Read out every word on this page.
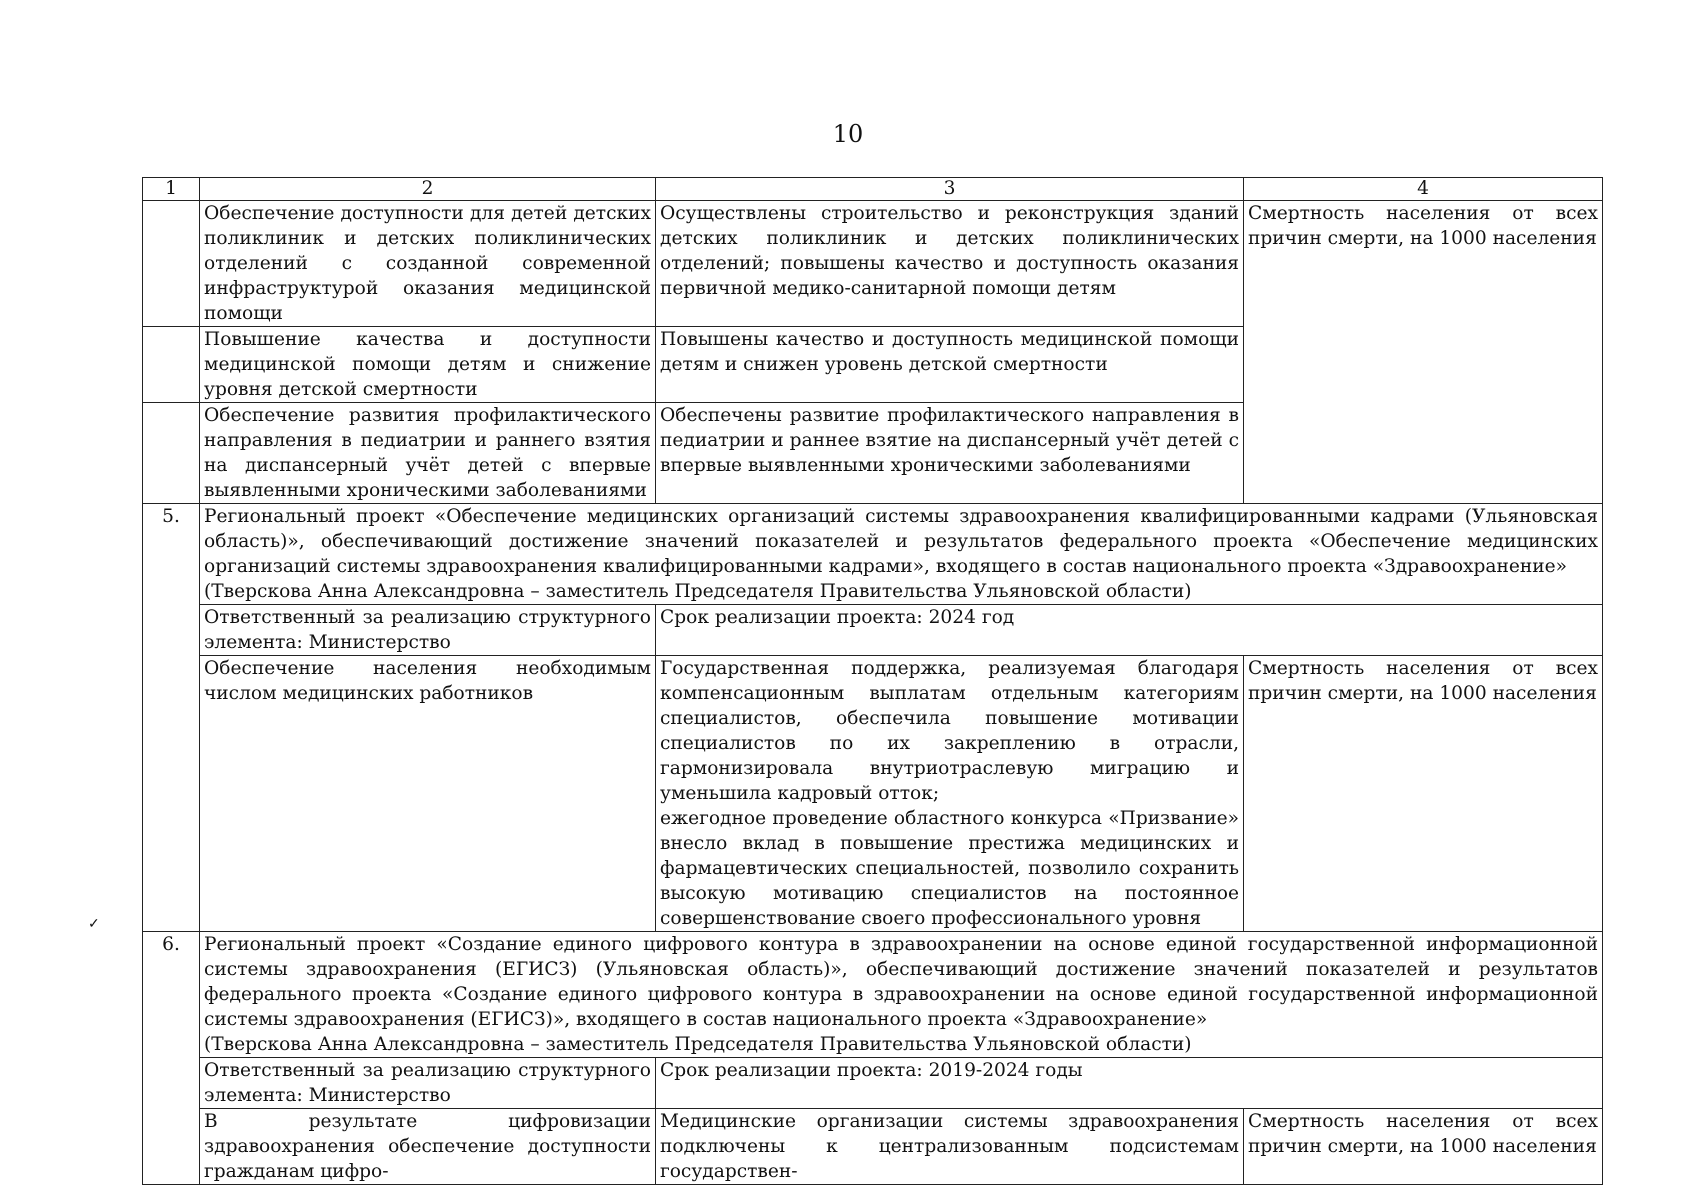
10
✓
1	2	3	4
	Обеспечение доступности для детей детских поликлиник и детских поликлинических отделений с созданной современной инфраструктурой оказания медицинской помощи	Осуществлены строительство и реконструкция зданий детских поликлиник и детских поликлинических отделений; повышены качество и доступность оказания первичной медико-санитарной помощи детям	Смертность населения от всех причин смерти, на 1000 населения
	Повышение качества и доступности медицинской помощи детям и снижение уровня детской смертности	Повышены качество и доступность медицинской помощи детям и снижен уровень детской смертности	
	Обеспечение развития профилактического направления в педиатрии и раннего взятия на диспансерный учёт детей с впервые выявленными хроническими заболеваниями	Обеспечены развитие профилактического направления в педиатрии и раннее взятие на диспансерный учёт детей с впервые выявленными хроническими заболеваниями	
5.	Региональный проект «Обеспечение медицинских организаций системы здравоохранения квалифицированными кадрами (Ульяновская область)», обеспечивающий достижение значений показателей и результатов федерального проекта «Обеспечение медицинских организаций системы здравоохранения квалифицированными кадрами», входящего в состав национального проекта «Здравоохранение»
(Тверскова Анна Александровна – заместитель Председателя Правительства Ульяновской области)		
	Ответственный за реализацию структурного элемента: Министерство	Срок реализации проекта: 2024 год	
	Обеспечение населения необходимым числом медицинских работников	Государственная поддержка, реализуемая благодаря компенсационным выплатам отдельным категориям специалистов, обеспечила повышение мотивации специалистов по их закреплению в отрасли, гармонизировала внутриотраслевую миграцию и уменьшила кадровый отток;
ежегодное проведение областного конкурса «Призвание» внесло вклад в повышение престижа медицинских и фармацевтических специальностей, позволило сохранить высокую мотивацию специалистов на постоянное совершенствование своего профессионального уровня	Смертность населения от всех причин смерти, на 1000 населения
6.	Региональный проект «Создание единого цифрового контура в здравоохранении на основе единой государственной информационной системы здравоохранения (ЕГИСЗ) (Ульяновская область)», обеспечивающий достижение значений показателей и результатов федерального проекта «Создание единого цифрового контура в здравоохранении на основе единой государственной информационной системы здравоохранения (ЕГИСЗ)», входящего в состав национального проекта «Здравоохранение»
(Тверскова Анна Александровна – заместитель Председателя Правительства Ульяновской области)		
	Ответственный за реализацию структурного элемента: Министерство	Срок реализации проекта: 2019-2024 годы	
	В результате цифровизации здравоохранения обеспечение доступности гражданам цифро-	Медицинские организации системы здравоохранения подключены к централизованным подсистемам государствен-	Смертность населения от всех причин смерти, на 1000 населения
